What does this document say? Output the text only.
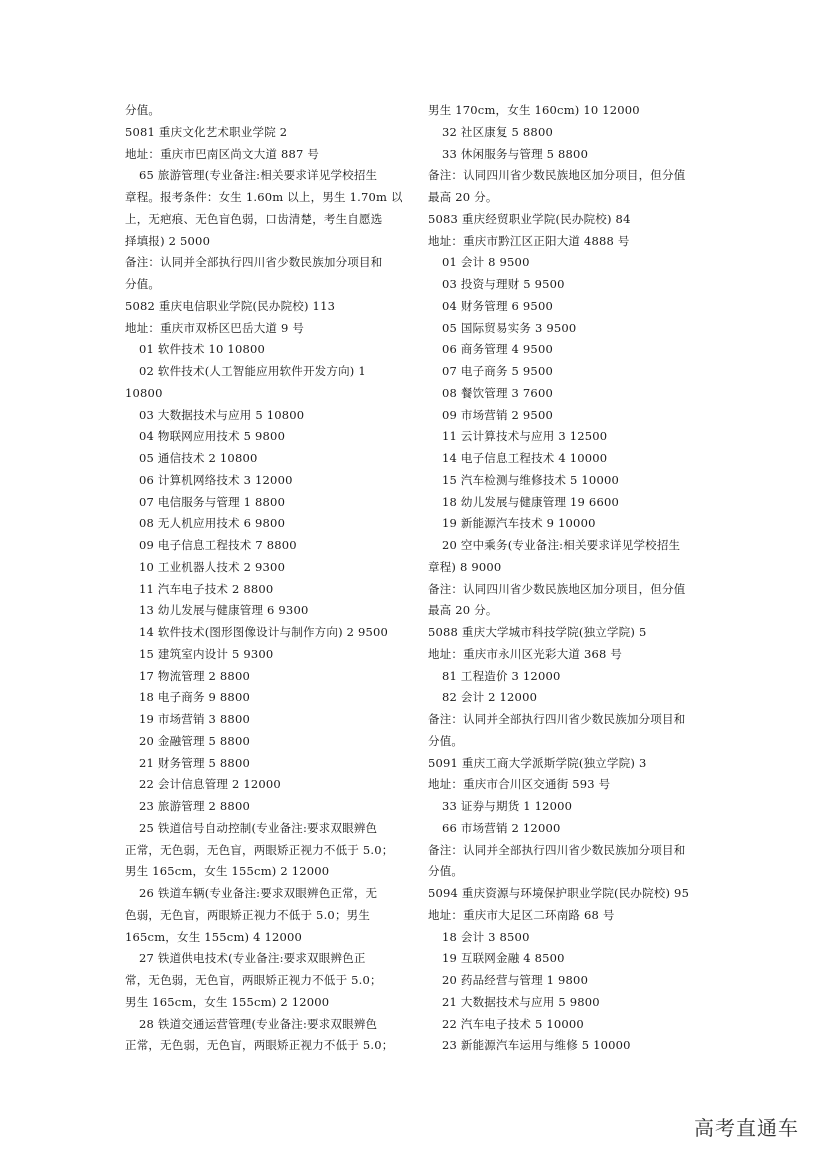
分值。
5081 重庆文化艺术职业学院 2
地址：重庆市巴南区尚文大道 887 号
65 旅游管理(专业备注:相关要求详见学校招生
章程。报考条件：女生 1.60m 以上，男生 1.70m 以
上，无疤痕、无色盲色弱，口齿清楚，考生自愿选
择填报) 2 5000
备注：认同并全部执行四川省少数民族加分项目和
分值。
5082 重庆电信职业学院(民办院校) 113
地址：重庆市双桥区巴岳大道 9 号
01 软件技术 10 10800
02 软件技术(人工智能应用软件开发方向) 1
10800
03 大数据技术与应用 5 10800
04 物联网应用技术 5 9800
05 通信技术 2 10800
06 计算机网络技术 3 12000
07 电信服务与管理 1 8800
08 无人机应用技术 6 9800
09 电子信息工程技术 7 8800
10 工业机器人技术 2 9300
11 汽车电子技术 2 8800
13 幼儿发展与健康管理 6 9300
14 软件技术(图形图像设计与制作方向) 2 9500
15 建筑室内设计 5 9300
17 物流管理 2 8800
18 电子商务 9 8800
19 市场营销 3 8800
20 金融管理 5 8800
21 财务管理 5 8800
22 会计信息管理 2 12000
23 旅游管理 2 8800
25 铁道信号自动控制(专业备注:要求双眼辨色
正常，无色弱，无色盲，两眼矫正视力不低于 5.0；
男生 165cm，女生 155cm) 2 12000
26 铁道车辆(专业备注:要求双眼辨色正常，无
色弱，无色盲，两眼矫正视力不低于 5.0；男生
165cm，女生 155cm) 4 12000
27 铁道供电技术(专业备注:要求双眼辨色正
常，无色弱，无色盲，两眼矫正视力不低于 5.0；
男生 165cm，女生 155cm) 2 12000
28 铁道交通运营管理(专业备注:要求双眼辨色
正常，无色弱，无色盲，两眼矫正视力不低于 5.0；
男生 170cm，女生 160cm) 10 12000
32 社区康复 5 8800
33 休闲服务与管理 5 8800
备注：认同四川省少数民族地区加分项目，但分值
最高 20 分。
5083 重庆经贸职业学院(民办院校) 84
地址：重庆市黔江区正阳大道 4888 号
01 会计 8 9500
03 投资与理财 5 9500
04 财务管理 6 9500
05 国际贸易实务 3 9500
06 商务管理 4 9500
07 电子商务 5 9500
08 餐饮管理 3 7600
09 市场营销 2 9500
11 云计算技术与应用 3 12500
14 电子信息工程技术 4 10000
15 汽车检测与维修技术 5 10000
18 幼儿发展与健康管理 19 6600
19 新能源汽车技术 9 10000
20 空中乘务(专业备注:相关要求详见学校招生
章程) 8 9000
备注：认同四川省少数民族地区加分项目，但分值
最高 20 分。
5088 重庆大学城市科技学院(独立学院) 5
地址：重庆市永川区光彩大道 368 号
81 工程造价 3 12000
82 会计 2 12000
备注：认同并全部执行四川省少数民族加分项目和
分值。
5091 重庆工商大学派斯学院(独立学院) 3
地址：重庆市合川区交通街 593 号
33 证券与期货 1 12000
66 市场营销 2 12000
备注：认同并全部执行四川省少数民族加分项目和
分值。
5094 重庆资源与环境保护职业学院(民办院校) 95
地址：重庆市大足区二环南路 68 号
18 会计 3 8500
19 互联网金融 4 8500
20 药品经营与管理 1 9800
21 大数据技术与应用 5 9800
22 汽车电子技术 5 10000
23 新能源汽车运用与维修 5 10000
高考直通车
